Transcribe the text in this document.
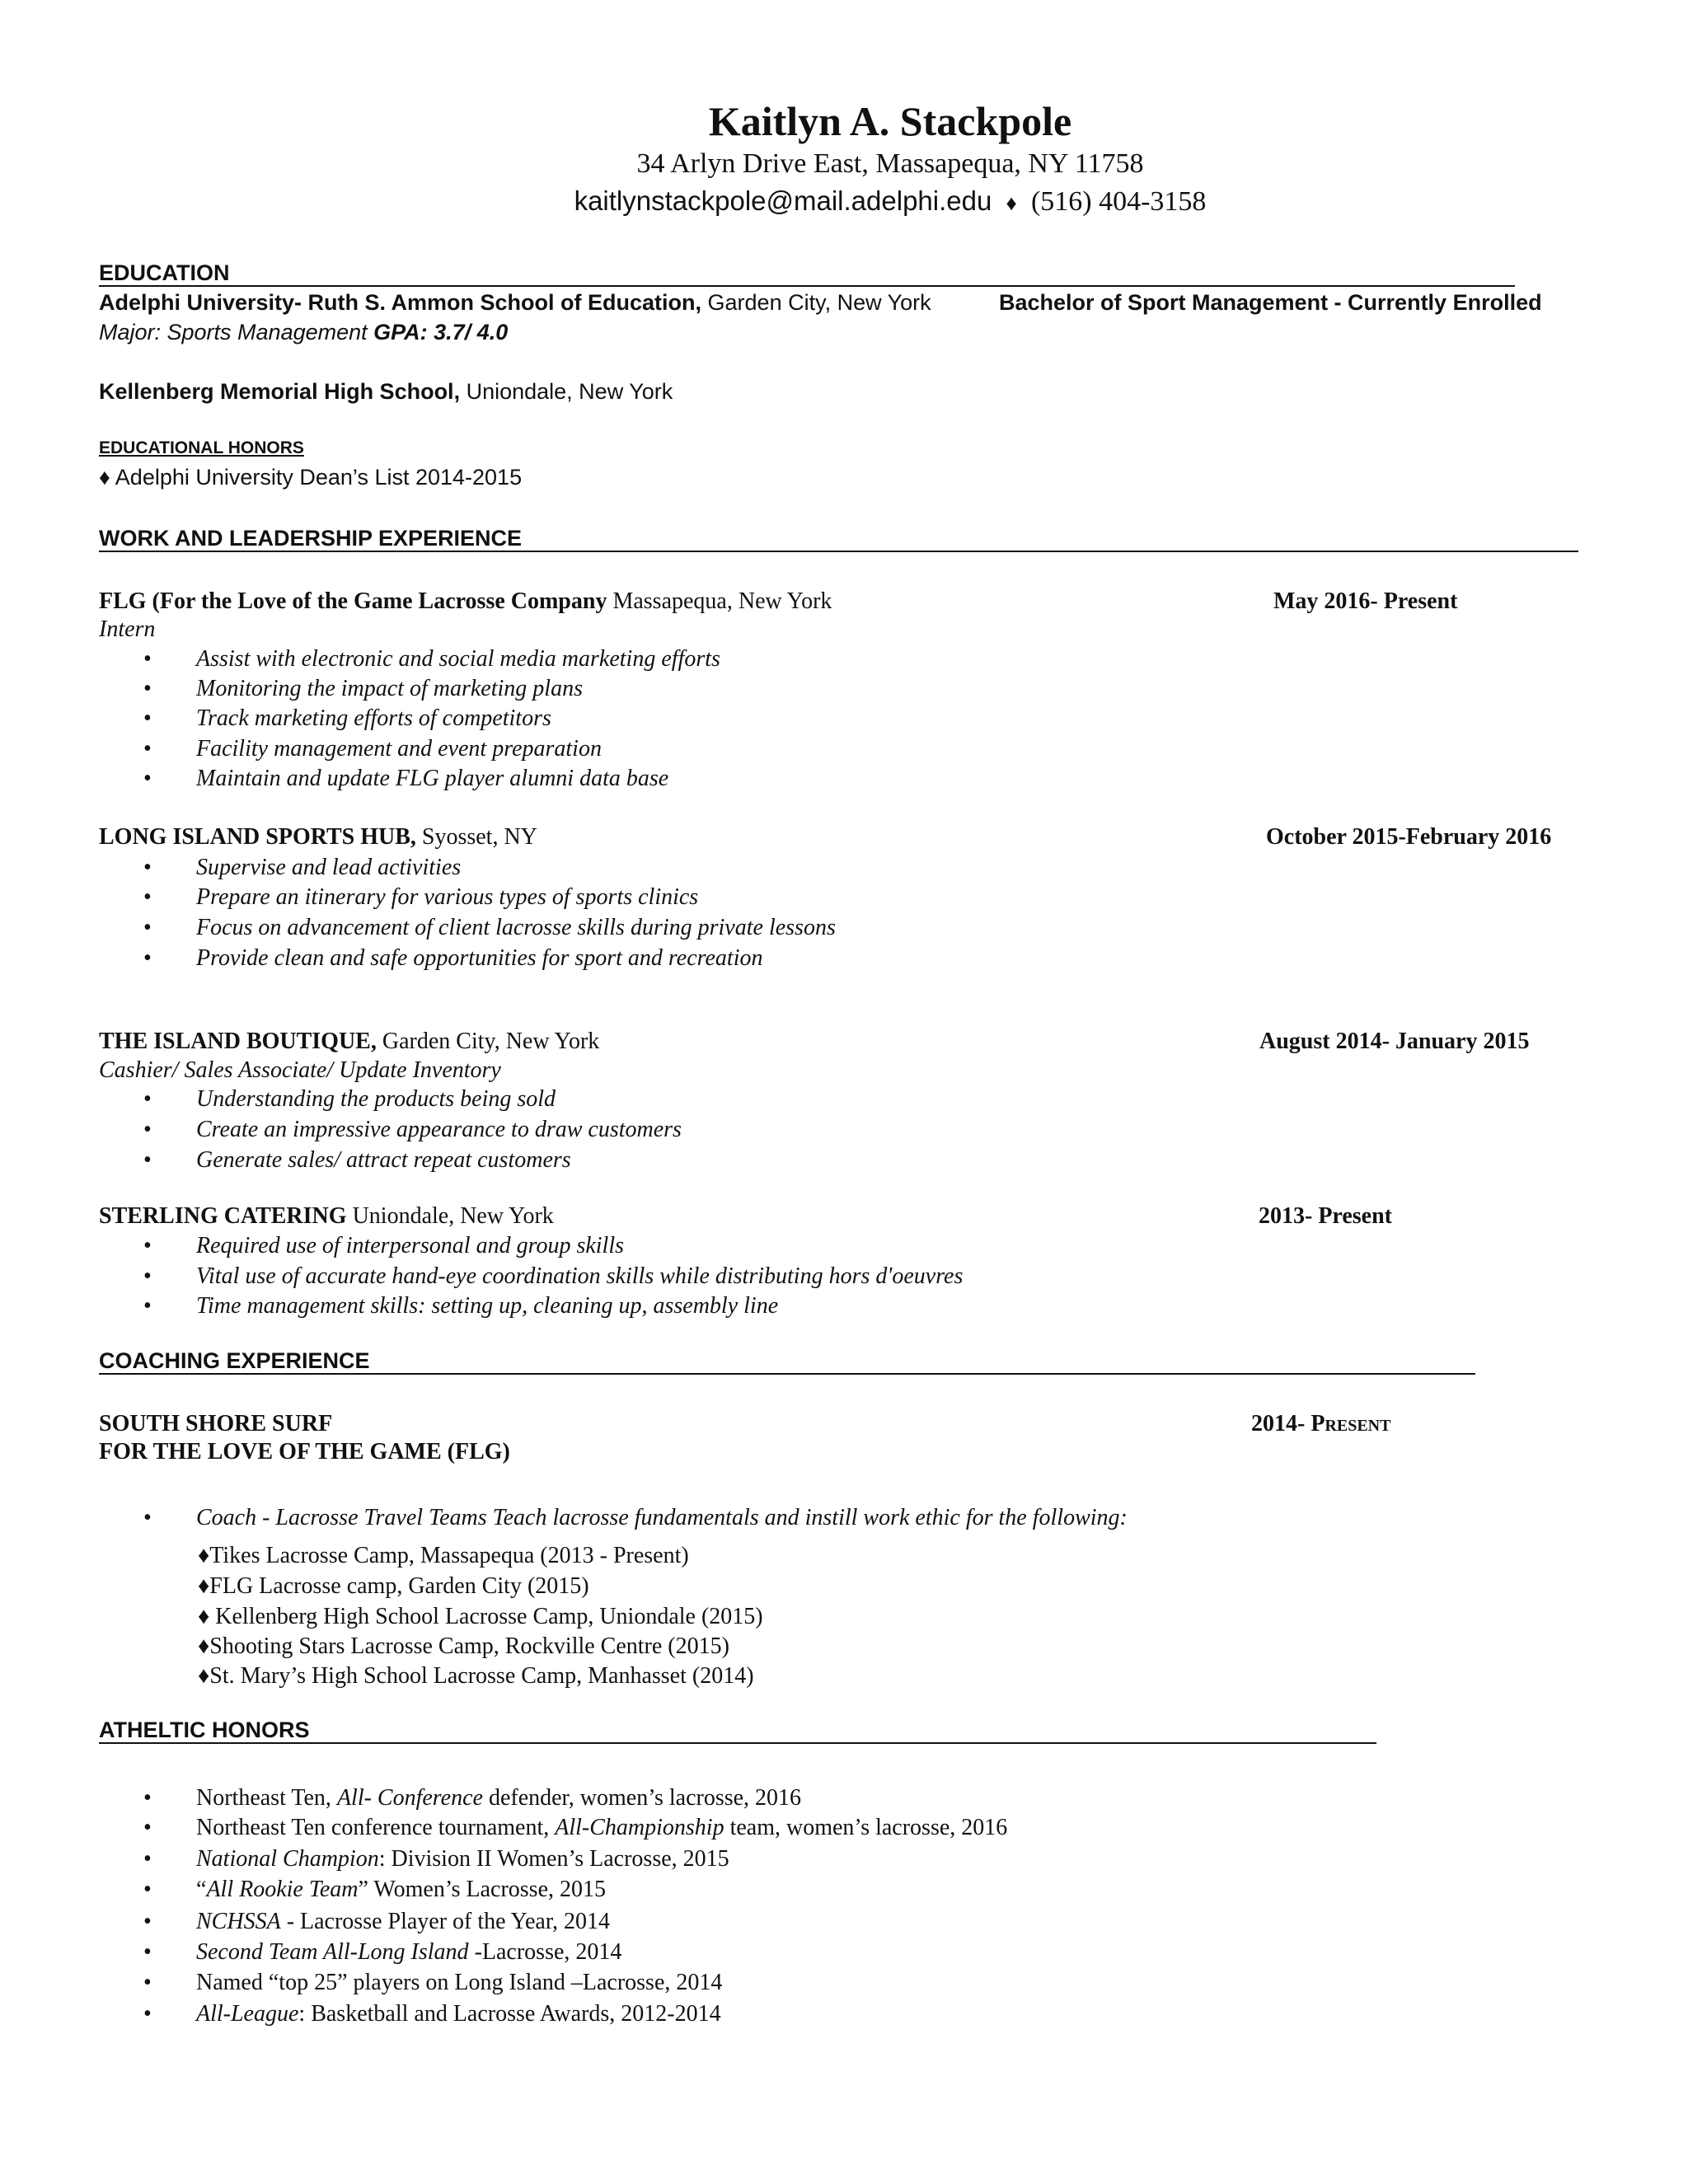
Kaitlyn A. Stackpole
34 Arlyn Drive East, Massapequa, NY 11758
kaitlynstackpole@mail.adelphi.edu ♦ (516) 404-3158
EDUCATION
Adelphi University- Ruth S. Ammon School of Education, Garden City, New York	Bachelor of Sport Management - Currently Enrolled
Major: Sports Management GPA: 3.7/ 4.0
Kellenberg Memorial High School, Uniondale, New York
EDUCATIONAL HONORS
♦ Adelphi University Dean’s List 2014-2015
WORK AND LEADERSHIP EXPERIENCE
FLG (For the Love of the Game Lacrosse Company Massapequa, New York	May 2016- Present
Intern
• Assist with electronic and social media marketing efforts
• Monitoring the impact of marketing plans
• Track marketing efforts of competitors
• Facility management and event preparation
• Maintain and update FLG player alumni data base
LONG ISLAND SPORTS HUB, Syosset, NY	October 2015-February 2016
• Supervise and lead activities
• Prepare an itinerary for various types of sports clinics
• Focus on advancement of client lacrosse skills during private lessons
• Provide clean and safe opportunities for sport and recreation
THE ISLAND BOUTIQUE, Garden City, New York	August 2014- January 2015
Cashier/ Sales Associate/ Update Inventory
• Understanding the products being sold
• Create an impressive appearance to draw customers
• Generate sales/ attract repeat customers
STERLING CATERING Uniondale, New York	2013- Present
• Required use of interpersonal and group skills
• Vital use of accurate hand-eye coordination skills while distributing hors d'oeuvres
• Time management skills: setting up, cleaning up, assembly line
COACHING EXPERIENCE
SOUTH SHORE SURF	2014- Present
FOR THE LOVE OF THE GAME (FLG)
• Coach - Lacrosse Travel Teams Teach lacrosse fundamentals and instill work ethic for the following:
♦Tikes Lacrosse Camp, Massapequa (2013 - Present)
♦FLG Lacrosse camp, Garden City (2015)
♦ Kellenberg High School Lacrosse Camp, Uniondale (2015)
♦Shooting Stars Lacrosse Camp, Rockville Centre (2015)
♦St. Mary’s High School Lacrosse Camp, Manhasset (2014)
ATHELTIC HONORS
• Northeast Ten, All- Conference defender, women’s lacrosse, 2016
• Northeast Ten conference tournament, All-Championship team, women’s lacrosse, 2016
• National Champion: Division II Women’s Lacrosse, 2015
• “All Rookie Team” Women’s Lacrosse, 2015
• NCHSSA - Lacrosse Player of the Year, 2014
• Second Team All-Long Island -Lacrosse, 2014
• Named “top 25” players on Long Island –Lacrosse, 2014
• All-League: Basketball and Lacrosse Awards, 2012-2014
